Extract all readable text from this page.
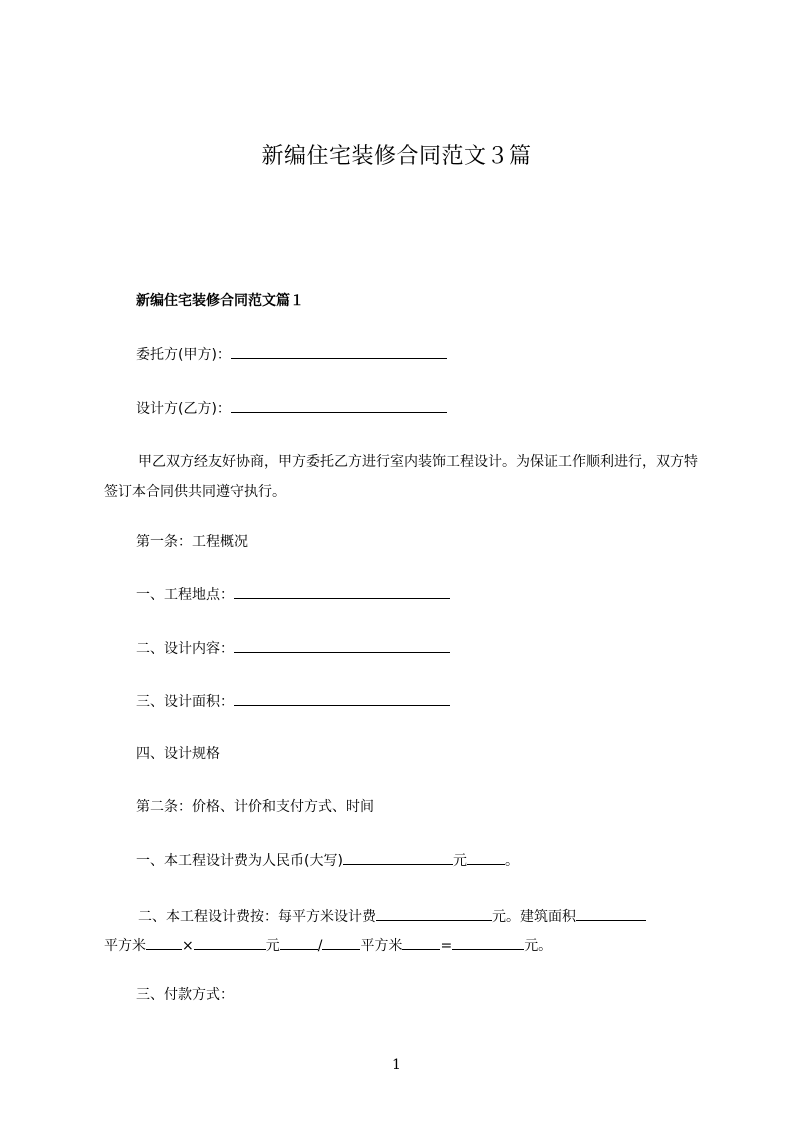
新编住宅装修合同范文３篇

新编住宅装修合同范文篇１

委托方(甲方)：

设计方(乙方)：

甲乙双方经友好协商，甲方委托乙方进行室内装饰工程设计。为保证工作顺利进行，双方特签订本合同供共同遵守执行。

第一条：工程概况

一、工程地点：

二、设计内容：

三、设计面积：

四、设计规格

第二条：价格、计价和支付方式、时间

一、本工程设计费为人民币(大写)	元	。

二、本工程设计费按：每平方米设计费	元。建筑面积
平方米	×	元	/	平方米	=	元。

三、付款方式：

1
